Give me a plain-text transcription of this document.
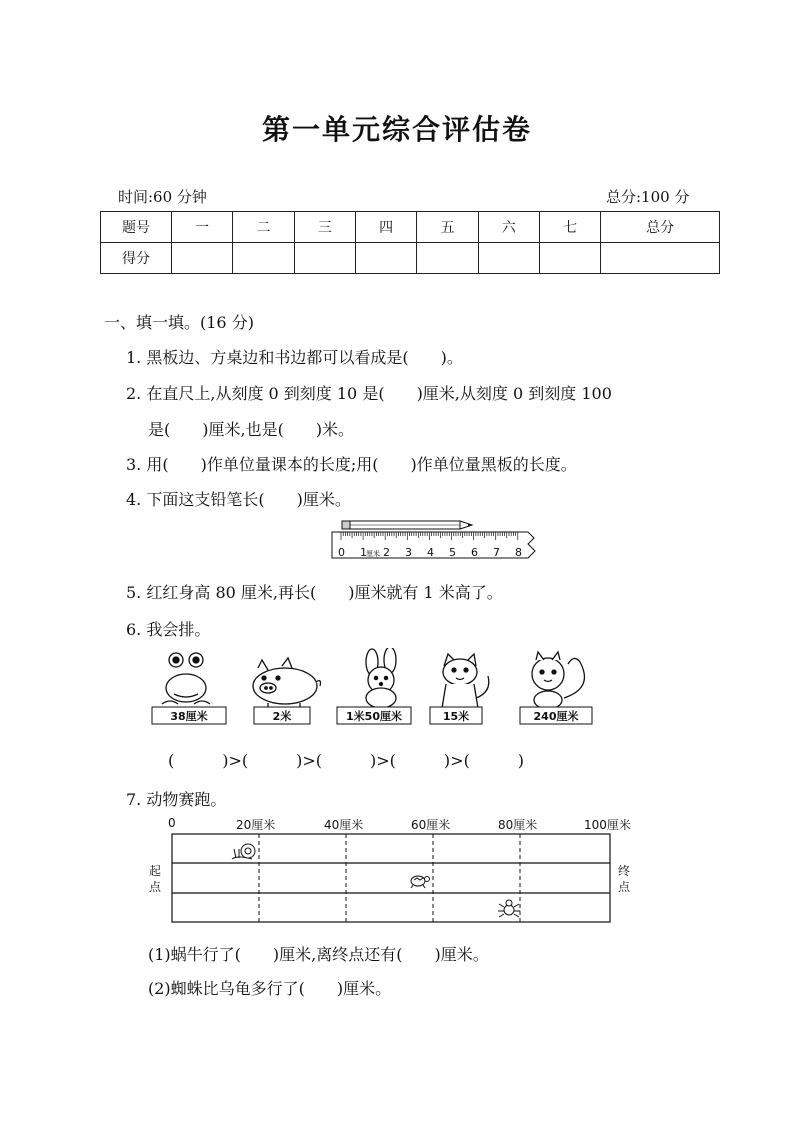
第一单元综合评估卷
时间:60 分钟	总分:100 分
题号	一	二	三	四	五	六	七	总分
得分								
一、填一填。(16 分)
1. 黑板边、方桌边和书边都可以看成是(　　)。
2. 在直尺上,从刻度 0 到刻度 10 是(　　)厘米,从刻度 0 到刻度 100
是(　　)厘米,也是(　　)米。
3. 用(　　)作单位量课本的长度;用(　　)作单位量黑板的长度。
4. 下面这支铅笔长(　　)厘米。
0 1 厘米 2 3 4 5 6 7 8
5. 红红身高 80 厘米,再长(　　)厘米就有 1 米高了。
6. 我会排。
38厘米	2米	1米50厘米	15米	240厘米
(　　　)>(　　　)>(　　　)>(　　　)>(　　　)
7. 动物赛跑。
0	20厘米	40厘米	60厘米	80厘米	100厘米
起
点
终
点
(1)蜗牛行了(　　)厘米,离终点还有(　　)厘米。
(2)蜘蛛比乌龟多行了(　　)厘米。
